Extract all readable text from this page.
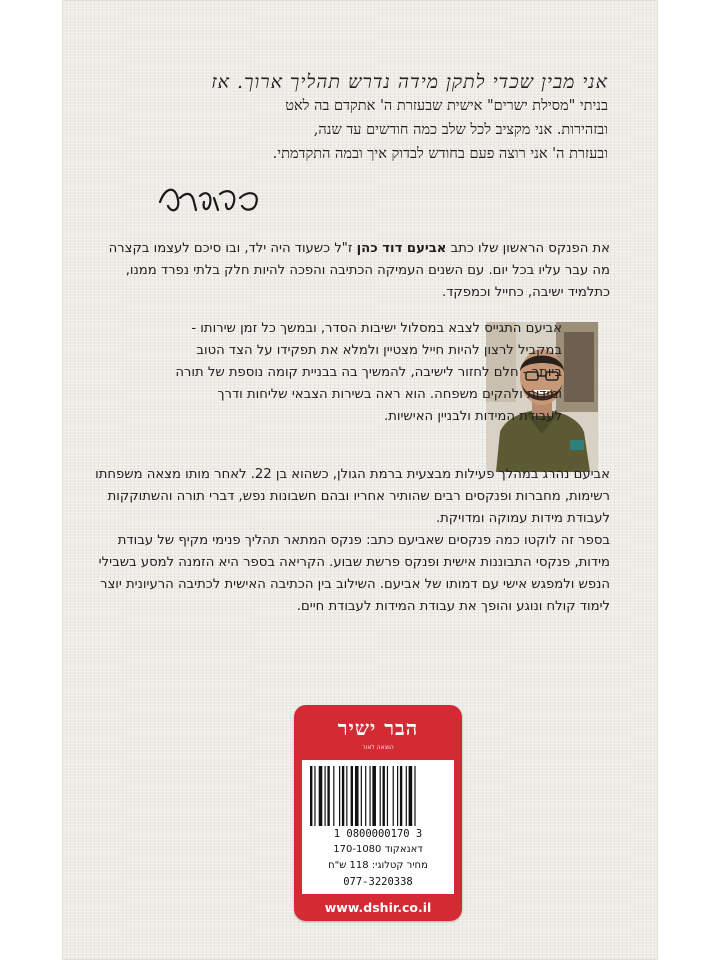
אני מבין שכדי לתקן מידה נדרש תהליך ארוך. אז
בניתי "מסילת ישרים" אישית שבעזרת ה' אתקדם בה לאט
ובזהירות. אני מקציב לכל שלב כמה חודשים עד שנה,
ובעזרת ה' אני רוצה פעם בחודש לבדוק איך ובמה התקדמתי.
את הפנקס הראשון שלו כתב אביעם דוד כהן ז"ל כשעוד היה ילד, ובו סיכם לעצמו בקצרה מה עבר עליו בכל יום. עם השנים העמיקה הכתיבה והפכה להיות חלק בלתי נפרד ממנו, כתלמיד ישיבה, כחייל וכמפקד.
אביעם התגייס לצבא במסלול ישיבות הסדר, ובמשך כל זמן שירותו - במקביל לרצון להיות חייל מצטיין ולמלא את תפקידו על הצד הטוב ביותר - חלם לחזור לישיבה, להמשיך בה בבניית קומה נוספת של תורה ומידות ולהקים משפחה. הוא ראה בשירות הצבאי שליחות ודרך לעבודת המידות ולבניין האישיות.
אביעם נהרג במהלך פעילות מבצעית ברמת הגולן, כשהוא בן 22. לאחר מותו מצאה משפחתו רשימות, מחברות ופנקסים רבים שהותיר אחריו ובהם חשבונות נפש, דברי תורה והשתוקקות לעבודת מידות עמוקה ומדויקת.
בספר זה לוקטו כמה פנקסים שאביעם כתב: פנקס המתאר תהליך פנימי מקיף של עבודת מידות, פנקסי התבוננות אישית ופנקס פרשת שבוע. הקריאה בספר היא הזמנה למסע בשבילי הנפש ולמפגש אישי עם דמותו של אביעם. השילוב בין הכתיבה האישית לכתיבה הרעיונית יוצר לימוד קולח ונוגע והופך את עבודת המידות לעבודת חיים.
הבר ישיר
הוצאה לאור
1 0800000170 3
דאנאקוד 170-1080
מחיר קטלוגי: 118 ש"ח
077-3220338
www.dshir.co.il
